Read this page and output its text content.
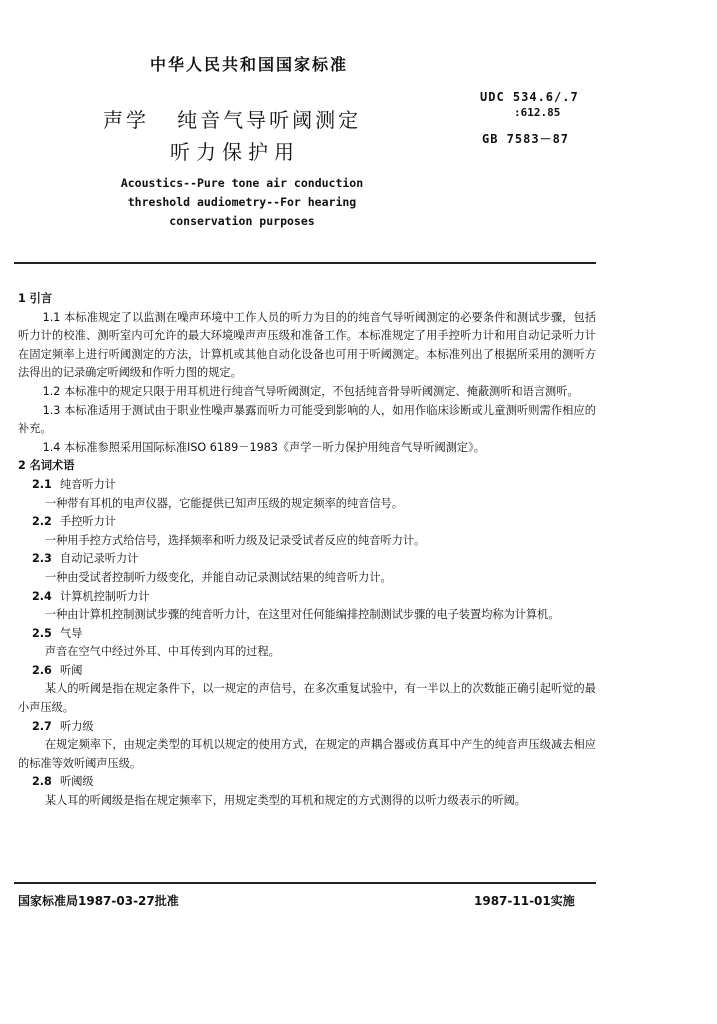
中华人民共和国国家标准
声学   纯音气导听阈测定
听力保护用
Acoustics--Pure tone air conduction
threshold audiometry--For hearing
conservation purposes
UDC 534.6/.7
:612.85
GB 7583－87

1 引言

1.1 本标准规定了以监测在噪声环境中工作人员的听力为目的的纯音气导听阈测定的必要条件和测试步骤，包括听力计的校准、测听室内可允许的最大环境噪声声压级和准备工作。本标准规定了用手控听力计和用自动记录听力计在固定频率上进行听阈测定的方法，计算机或其他自动化设备也可用于听阈测定。本标准列出了根据所采用的测听方法得出的记录确定听阈级和作听力图的规定。

1.2 本标准中的规定只限于用耳机进行纯音气导听阈测定，不包括纯音骨导听阈测定、掩蔽测听和语言测听。

1.3 本标准适用于测试由于职业性噪声暴露而听力可能受到影响的人，如用作临床诊断或儿童测听则需作相应的补充。

1.4 本标准参照采用国际标准ISO 6189－1983《声学－听力保护用纯音气导听阈测定》。

2 名词术语

2.1 纯音听力计

一种带有耳机的电声仪器，它能提供已知声压级的规定频率的纯音信号。

2.2 手控听力计

一种用手控方式给信号，选择频率和听力级及记录受试者反应的纯音听力计。

2.3 自动记录听力计

一种由受试者控制听力级变化，并能自动记录测试结果的纯音听力计。

2.4 计算机控制听力计

一种由计算机控制测试步骤的纯音听力计，在这里对任何能编排控制测试步骤的电子装置均称为计算机。

2.5 气导

声音在空气中经过外耳、中耳传到内耳的过程。

2.6 听阈

某人的听阈是指在规定条件下，以一规定的声信号，在多次重复试验中，有一半以上的次数能正确引起听觉的最小声压级。

2.7 听力级

在规定频率下，由规定类型的耳机以规定的使用方式，在规定的声耦合器或仿真耳中产生的纯音声压级减去相应的标准等效听阈声压级。

2.8 听阈级

某人耳的听阈级是指在规定频率下，用规定类型的耳机和规定的方式测得的以听力级表示的听阈。

国家标准局1987-03-27批准	1987-11-01实施
